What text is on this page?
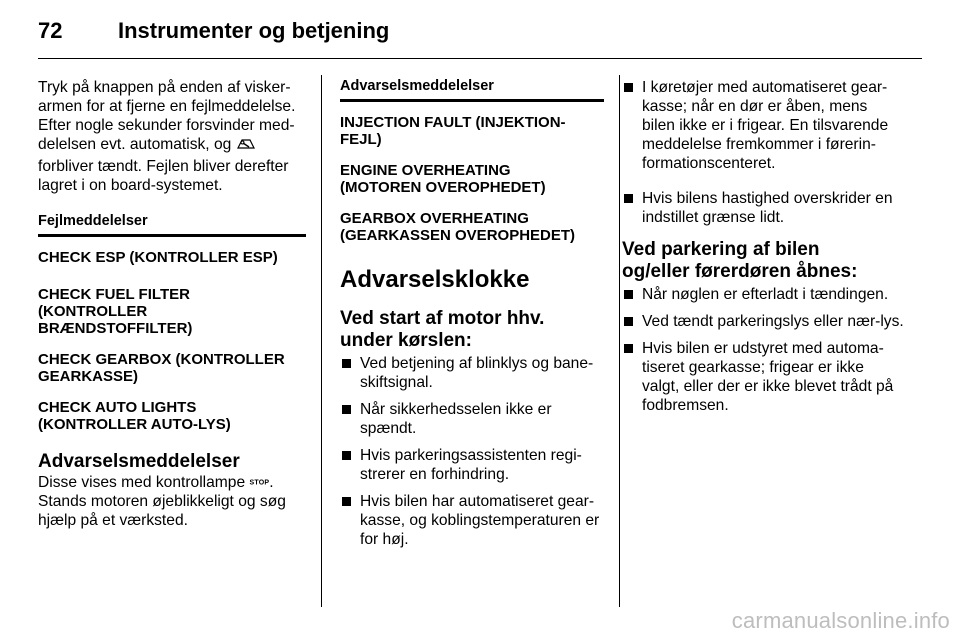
72	Instrumenter og betjening

Tryk på knappen på enden af visker-armen for at fjerne en fejlmeddelelse. Efter nogle sekunder forsvinder med-delelsen evt. automatisk, og
forbliver tændt. Fejlen bliver derefter lagret i on board-systemet.

Fejlmeddelelser

CHECK ESP (KONTROLLER ESP)

CHECK FUEL FILTER (KONTROLLER BRÆNDSTOFFILTER)

CHECK GEARBOX (KONTROLLER GEARKASSE)

CHECK AUTO LIGHTS (KONTROLLER AUTO-LYS)

Advarselsmeddelelser

Disse vises med kontrollampe STOP. Stands motoren øjeblikkeligt og søg hjælp på et værksted.

Advarselsmeddelelser

INJECTION FAULT (INJEKTION-FEJL)

ENGINE OVERHEATING (MOTOREN OVEROPHEDET)

GEARBOX OVERHEATING (GEARKASSEN OVEROPHEDET)

Advarselsklokke
Ved start af motor hhv. under kørslen:
Ved betjening af blinklys og bane-skiftsignal.
Når sikkerhedsselen ikke er spændt.
Hvis parkeringsassistenten regi-strerer en forhindring.
Hvis bilen har automatiseret gear-kasse, og koblingstemperaturen er for høj.
I køretøjer med automatiseret gear-kasse; når en dør er åben, mens bilen ikke er i frigear. En tilsvarende meddelelse fremkommer i førerin-formationscenteret.
Hvis bilens hastighed overskrider en indstillet grænse lidt.
Ved parkering af bilen og/eller førerdøren åbnes:
Når nøglen er efterladt i tændingen.
Ved tændt parkeringslys eller nær-lys.
Hvis bilen er udstyret med automa-tiseret gearkasse; frigear er ikke valgt, eller der er ikke blevet trådt på fodbremsen.
carmanualsonline.info
